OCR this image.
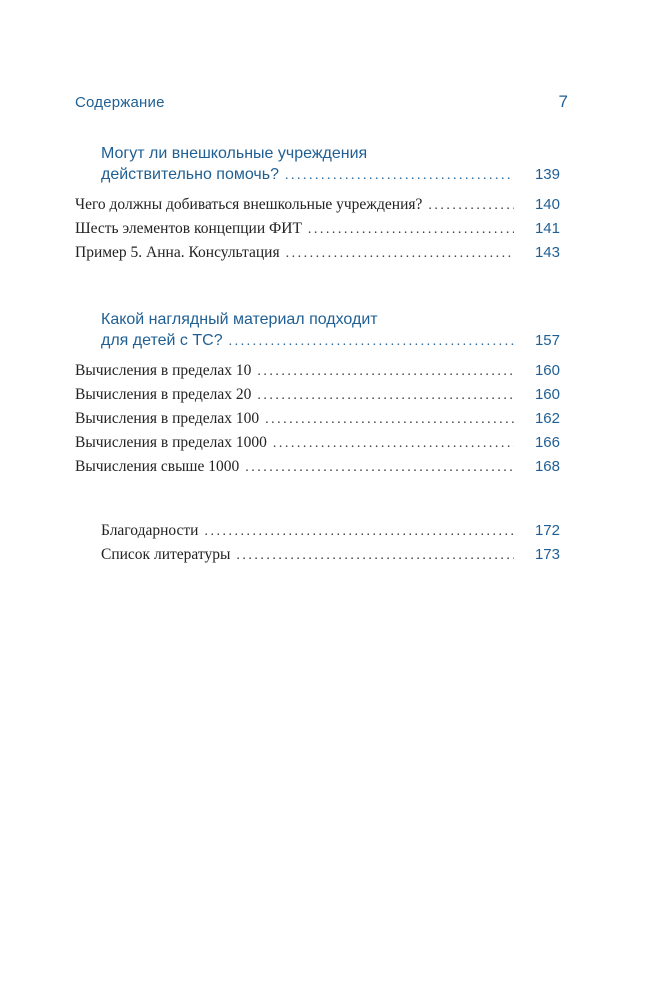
Содержание	7
Могут ли внешкольные учреждения
действительно помочь? . . .	139
Чего должны добиваться внешкольные учреждения? . . .	140
Шесть элементов концепции ФИТ . . .	141
Пример 5. Анна. Консультация . . .	143
Какой наглядный материал подходит
для детей с ТС? . . .	157
Вычисления в пределах 10 . . .	160
Вычисления в пределах 20 . . .	160
Вычисления в пределах 100 . . .	162
Вычисления в пределах 1000 . . .	166
Вычисления свыше 1000 . . .	168
Благодарности . . .	172
Список литературы . . .	173
